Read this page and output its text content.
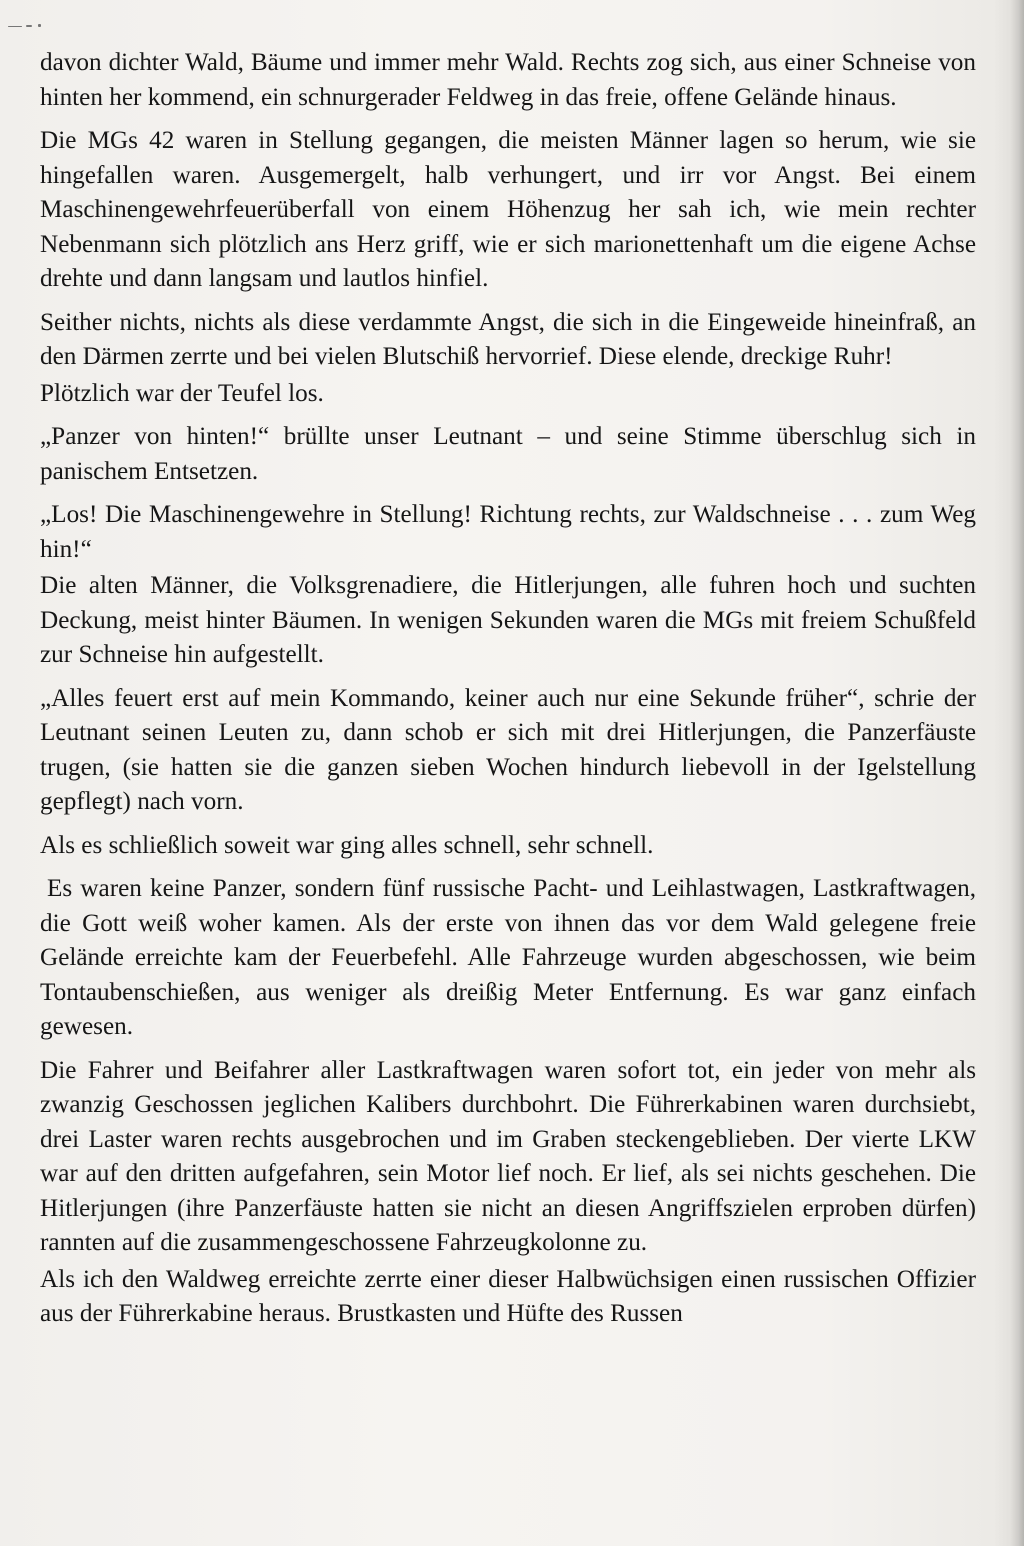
davon dichter Wald, Bäume und immer mehr Wald. Rechts zog sich, aus einer Schneise von hinten her kommend, ein schnurgerader Feldweg in das freie, offene Gelände hinaus.

Die MGs 42 waren in Stellung gegangen, die meisten Männer lagen so herum, wie sie hingefallen waren. Ausgemergelt, halb verhungert, und irr vor Angst. Bei einem Maschinengewehrfeuerüberfall von einem Höhenzug her sah ich, wie mein rechter Nebenmann sich plötzlich ans Herz griff, wie er sich marionettenhaft um die eigene Achse drehte und dann langsam und lautlos hinfiel.

Seither nichts, nichts als diese verdammte Angst, die sich in die Eingeweide hineinfraß, an den Därmen zerrte und bei vielen Blutschiß hervorrief. Diese elende, dreckige Ruhr!

Plötzlich war der Teufel los.

„Panzer von hinten!“ brüllte unser Leutnant – und seine Stimme überschlug sich in panischem Entsetzen.

„Los! Die Maschinengewehre in Stellung! Richtung rechts, zur Waldschneise . . . zum Weg hin!“

Die alten Männer, die Volksgrenadiere, die Hitlerjungen, alle fuhren hoch und suchten Deckung, meist hinter Bäumen. In wenigen Sekunden waren die MGs mit freiem Schußfeld zur Schneise hin aufgestellt.

„Alles feuert erst auf mein Kommando, keiner auch nur eine Sekunde früher“, schrie der Leutnant seinen Leuten zu, dann schob er sich mit drei Hitlerjungen, die Panzerfäuste trugen, (sie hatten sie die ganzen sieben Wochen hindurch liebevoll in der Igelstellung gepflegt) nach vorn.

Als es schließlich soweit war ging alles schnell, sehr schnell.

Es waren keine Panzer, sondern fünf russische Pacht- und Leihlastwagen, Lastkraftwagen, die Gott weiß woher kamen. Als der erste von ihnen das vor dem Wald gelegene freie Gelände erreichte kam der Feuerbefehl. Alle Fahrzeuge wurden abgeschossen, wie beim Tontaubenschießen, aus weniger als dreißig Meter Entfernung. Es war ganz einfach gewesen.

Die Fahrer und Beifahrer aller Lastkraftwagen waren sofort tot, ein jeder von mehr als zwanzig Geschossen jeglichen Kalibers durchbohrt. Die Führerkabinen waren durchsiebt, drei Laster waren rechts ausgebrochen und im Graben steckengeblieben. Der vierte LKW war auf den dritten aufgefahren, sein Motor lief noch. Er lief, als sei nichts geschehen. Die Hitlerjungen (ihre Panzerfäuste hatten sie nicht an diesen Angriffszielen erproben dürfen) rannten auf die zusammengeschossene Fahrzeugkolonne zu.

Als ich den Waldweg erreichte zerrte einer dieser Halbwüchsigen einen russischen Offizier aus der Führerkabine heraus. Brustkasten und Hüfte des Russen
